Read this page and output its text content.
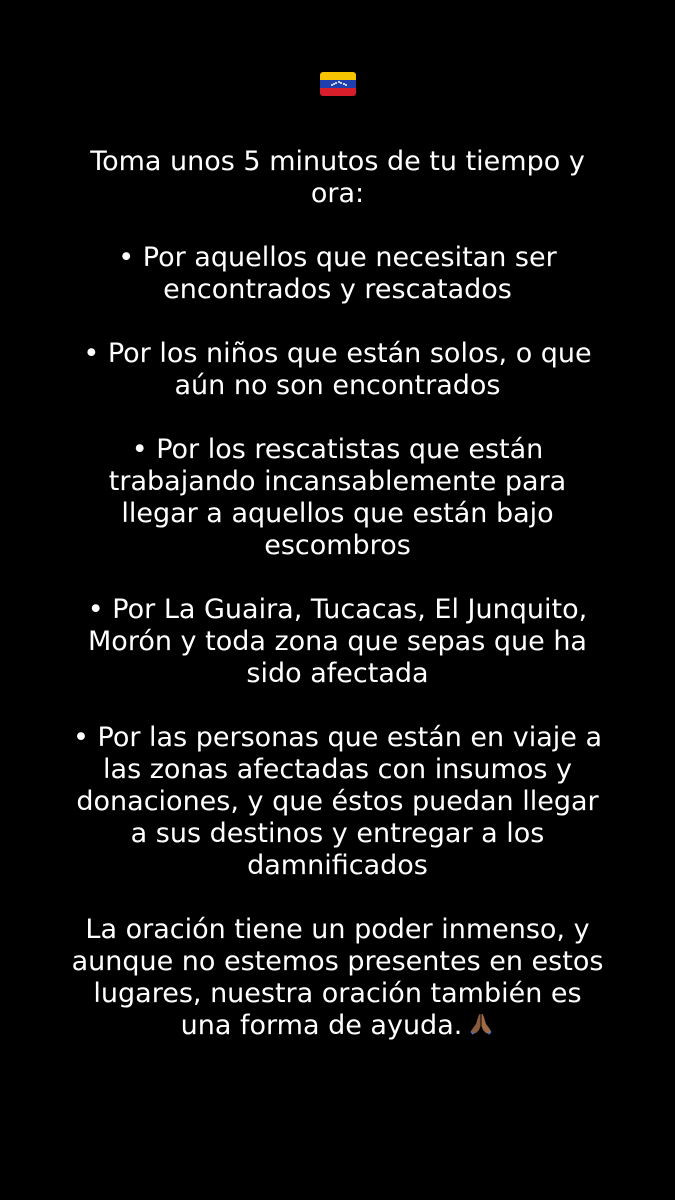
Toma unos 5 minutos de tu tiempo y ora:

• Por aquellos que necesitan ser encontrados y rescatados

• Por los niños que están solos, o que aún no son encontrados

• Por los rescatistas que están trabajando incansablemente para llegar a aquellos que están bajo escombros

• Por La Guaira, Tucacas, El Junquito, Morón y toda zona que sepas que ha sido afectada

• Por las personas que están en viaje a las zonas afectadas con insumos y donaciones, y que éstos puedan llegar a sus destinos y entregar a los damnificados

La oración tiene un poder inmenso, y aunque no estemos presentes en estos lugares, nuestra oración también es una forma de ayuda.
